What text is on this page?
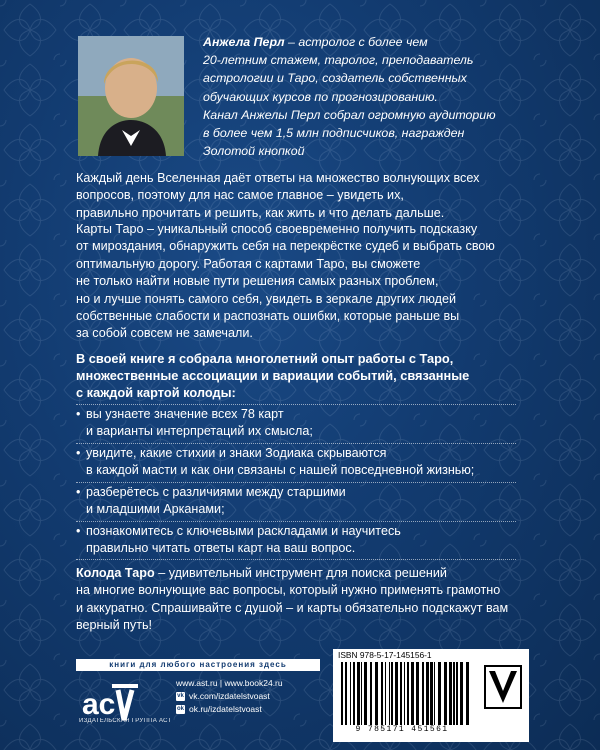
Анжела Перл – астролог с более чем
20-летним стажем, таролог, преподаватель
астрологии и Таро, создатель собственных
обучающих курсов по прогнозированию.
Канал Анжелы Перл собрал огромную аудиторию
в более чем 1,5 млн подписчиков, награжден
Золотой кнопкой
Каждый день Вселенная даёт ответы на множество волнующих всех
вопросов, поэтому для нас самое главное – увидеть их,
правильно прочитать и решить, как жить и что делать дальше.
Карты Таро – уникальный способ своевременно получить подсказку
от мироздания, обнаружить себя на перекрёстке судеб и выбрать свою
оптимальную дорогу. Работая с картами Таро, вы сможете
не только найти новые пути решения самых разных проблем,
но и лучше понять самого себя, увидеть в зеркале других людей
собственные слабости и распознать ошибки, которые раньше вы
за собой совсем не замечали.
В своей книге я собрала многолетний опыт работы с Таро,
множественные ассоциации и вариации событий, связанные
с каждой картой колоды:
• вы узнаете значение всех 78 карт
и варианты интерпретаций их смысла;
• увидите, какие стихии и знаки Зодиака скрываются
в каждой масти и как они связаны с нашей повседневной жизнью;
• разберётесь с различиями между старшими
и младшими Арканами;
• познакомитесь с ключевыми раскладами и научитесь
правильно читать ответы карт на ваш вопрос.
Колода Таро – удивительный инструмент для поиска решений
на многие волнующие вас вопросы, который нужно применять грамотно
и аккуратно. Спрашивайте с душой – и карты обязательно подскажут вам
верный путь!
книги для любого настроения здесь
ac
ИЗДАТЕЛЬСКАЯ ГРУППА АСТ
www.ast.ru | www.book24.ru
vk vk.com/izdatelstvoast
ok ok.ru/izdatelstvoast
ISBN 978-5-17-145156-1
9 785171 451561
